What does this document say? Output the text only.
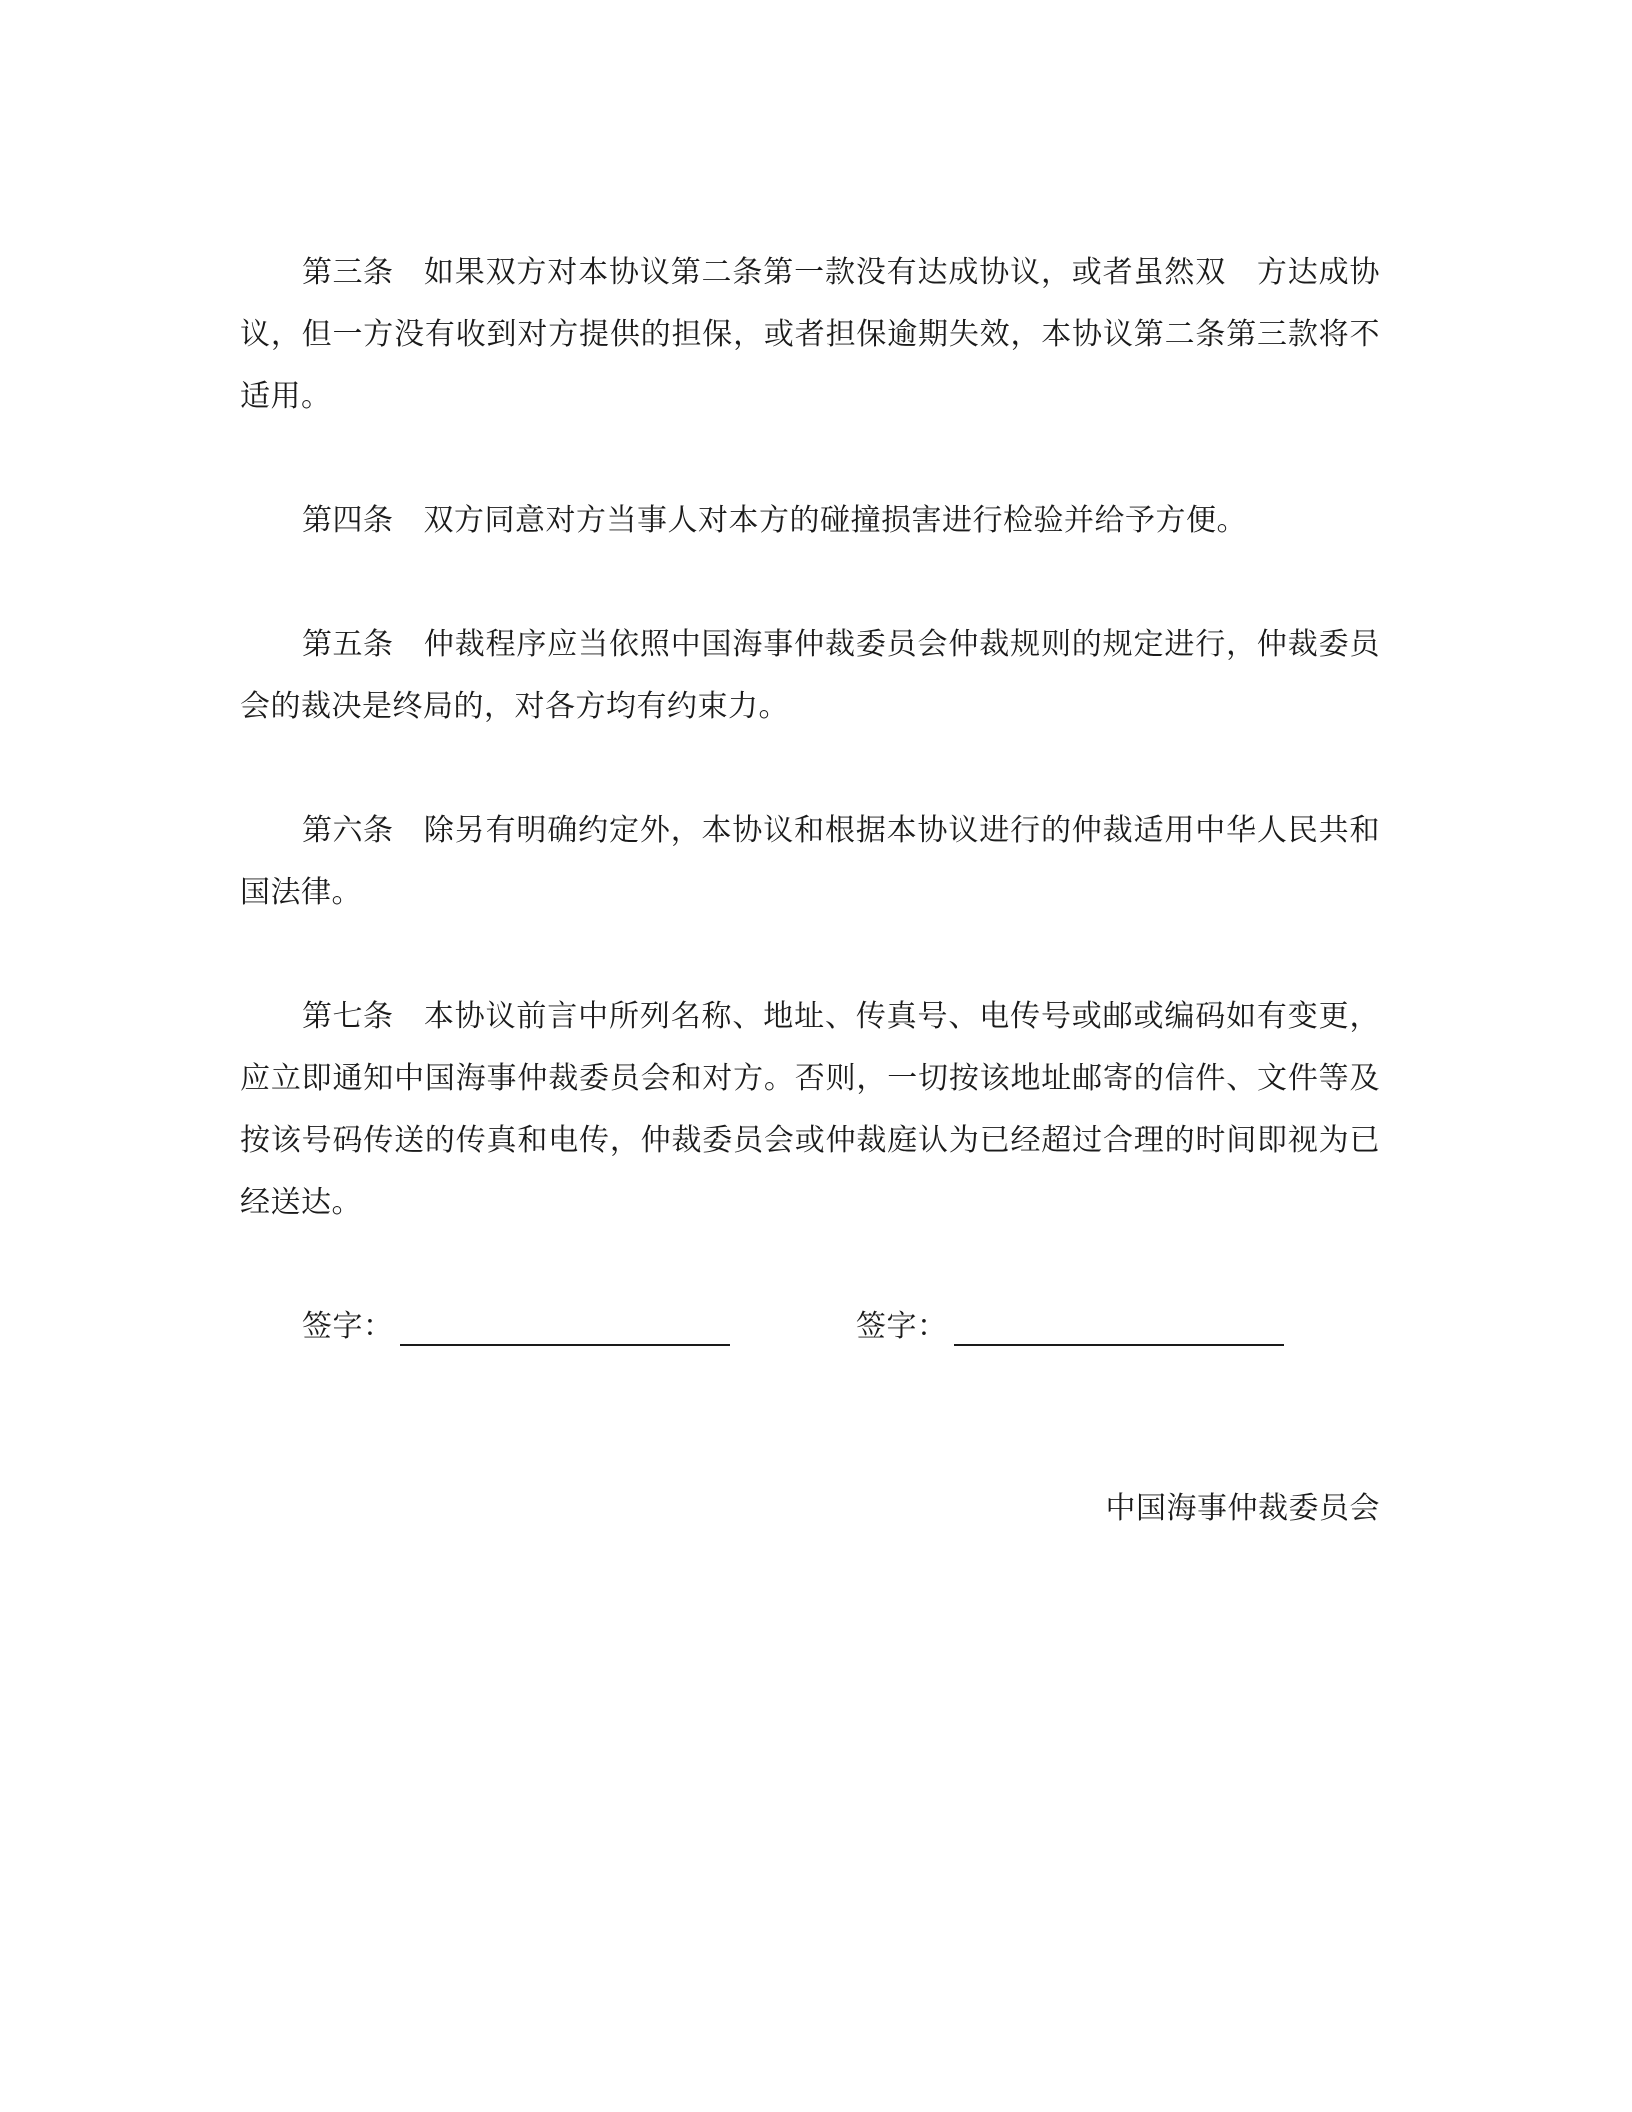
第三条 如果双方对本协议第二条第一款没有达成协议，或者虽然双　方达成协议，但一方没有收到对方提供的担保，或者担保逾期失效，本协议第二条第三款将不适用。

第四条 双方同意对方当事人对本方的碰撞损害进行检验并给予方便。

第五条 仲裁程序应当依照中国海事仲裁委员会仲裁规则的规定进行，仲裁委员会的裁决是终局的，对各方均有约束力。

第六条 除另有明确约定外，本协议和根据本协议进行的仲裁适用中华人民共和国法律。

第七条 本协议前言中所列名称、地址、传真号、电传号或邮或编码如有变更，应立即通知中国海事仲裁委员会和对方。否则，一切按该地址邮寄的信件、文件等及按该号码传送的传真和电传，仲裁委员会或仲裁庭认为已经超过合理的时间即视为已经送达。

签字：	签字：
中国海事仲裁委员会
